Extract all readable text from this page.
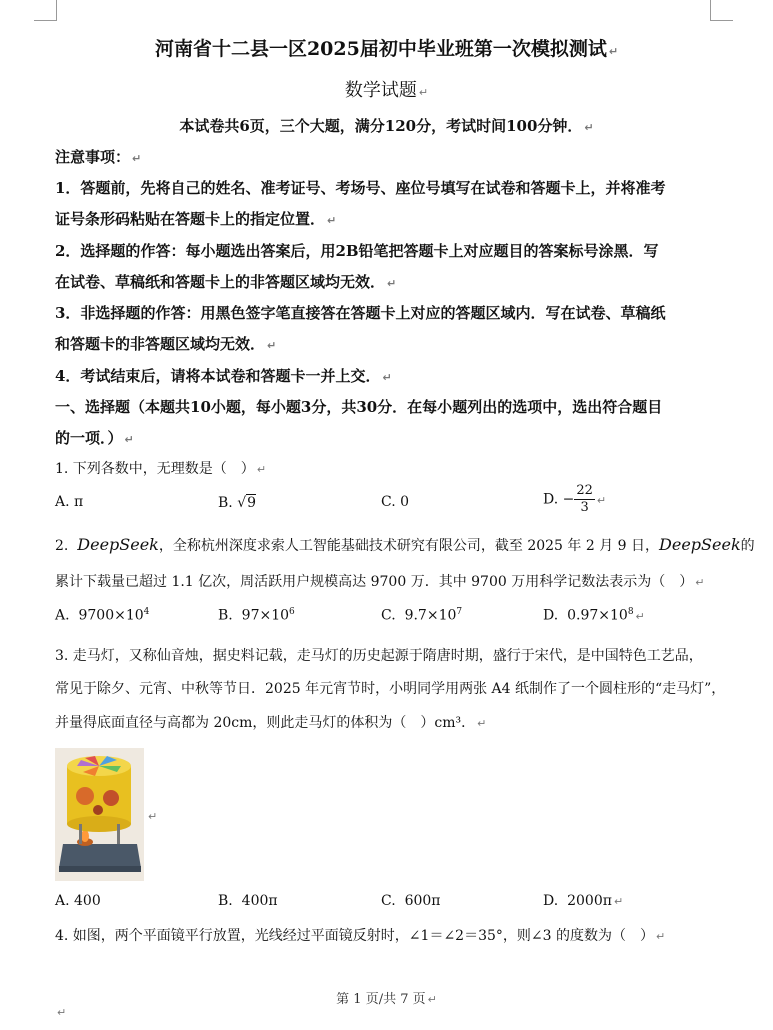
河南省十二县一区2025届初中毕业班第一次模拟测试 ↵
数学试题 ↵
本试卷共6页，三个大题，满分120分，考试时间100分钟． ↵
注意事项： ↵
1．答题前，先将自己的姓名、准考证号、考场号、座位号填写在试卷和答题卡上，并将准考
证号条形码粘贴在答题卡上的指定位置． ↵
2．选择题的作答：每小题选出答案后，用2B铅笔把答题卡上对应题目的答案标号涂黑．写
在试卷、草稿纸和答题卡上的非答题区域均无效． ↵
3．非选择题的作答：用黑色签字笔直接答在答题卡上对应的答题区域内．写在试卷、草稿纸
和答题卡的非答题区域均无效． ↵
4．考试结束后，请将本试卷和答题卡一并上交． ↵
一、选择题（本题共10小题，每小题3分，共30分．在每小题列出的选项中，选出符合题目
的一项．） ↵
1. 下列各数中，无理数是（　） ↵
A. π	B. √9	C. 0	D. − $\frac{22}{3}$ ↵
2. DeepSeek，全称杭州深度求索人工智能基础技术研究有限公司，截至 2025 年 2 月 9 日，DeepSeek的
累计下载量已超过 1.1 亿次，周活跃用户规模高达 9700 万．其中 9700 万用科学记数法表示为（　） ↵
A. $9700\times 10^4$	B. $97\times 10^6$	C. $9.7\times 10^7$	D. $0.97\times 10^8$ ↵
3. 走马灯，又称仙音烛，据史料记载，走马灯的历史起源于隋唐时期，盛行于宋代，是中国特色工艺品，
常见于除夕、元宵、中秋等节日．2025 年元宵节时，小明同学用两张 A4 纸制作了一个圆柱形的“走马灯”，
并量得底面直径与高都为 20cm，则此走马灯的体积为（　）cm³． ↵
↵
A. 400	B. 400π	C. 600π	D. 2000π ↵
4. 如图，两个平面镜平行放置，光线经过平面镜反射时，∠1＝∠2＝35°，则∠3 的度数为（　） ↵
第 1 页/共 7 页 ↵
↵
